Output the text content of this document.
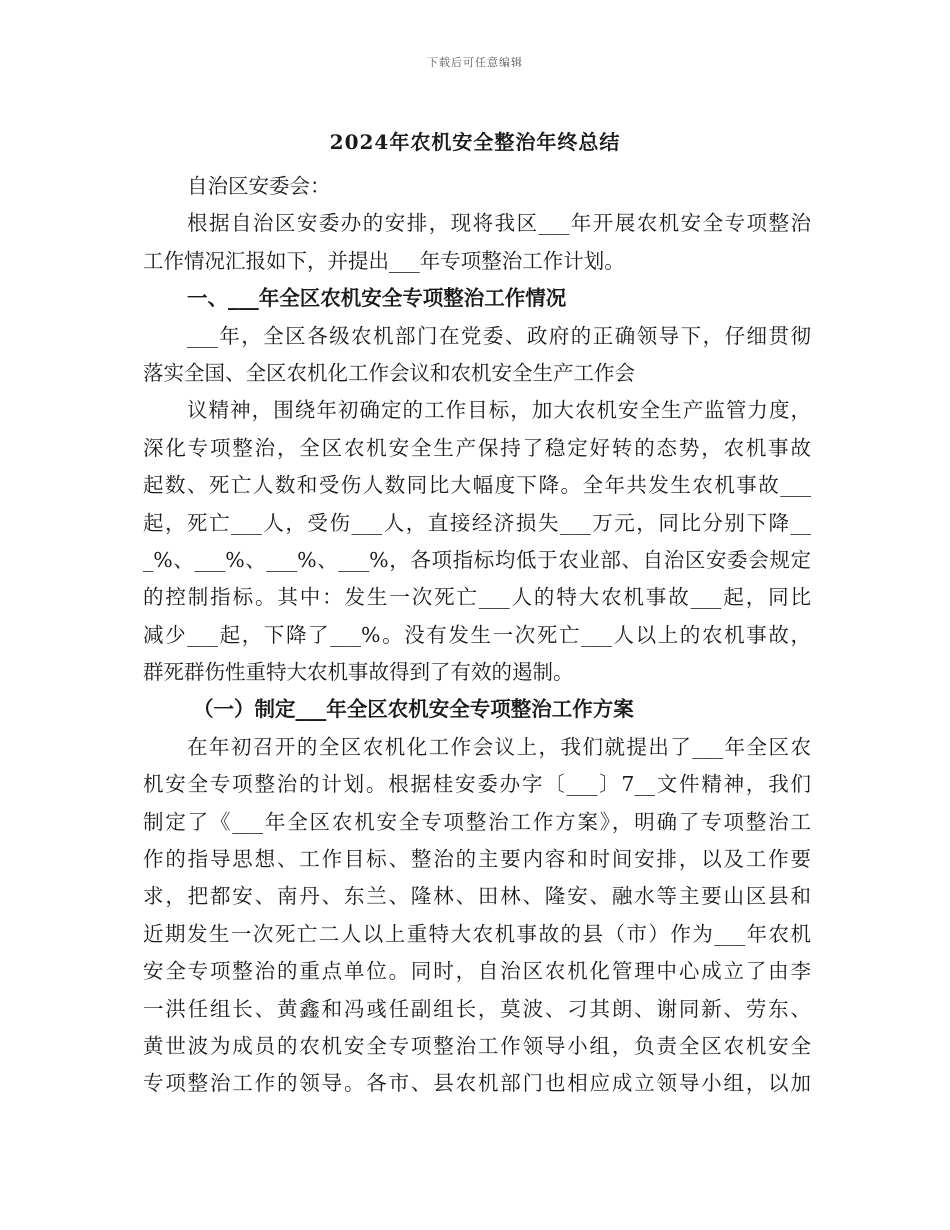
下载后可任意编辑
2024年农机安全整治年终总结
自治区安委会：
根据自治区安委办的安排，现将我区___年开展农机安全专项整治
工作情况汇报如下，并提出___年专项整治工作计划。
一、___年全区农机安全专项整治工作情况
___年，全区各级农机部门在党委、政府的正确领导下，仔细贯彻
落实全国、全区农机化工作会议和农机安全生产工作会
议精神，围绕年初确定的工作目标，加大农机安全生产监管力度，
深化专项整治，全区农机安全生产保持了稳定好转的态势，农机事故
起数、死亡人数和受伤人数同比大幅度下降。全年共发生农机事故___
起，死亡___人，受伤___人，直接经济损失___万元，同比分别下降__
_%、___%、___%、___%，各项指标均低于农业部、自治区安委会规定
的控制指标。其中：发生一次死亡___人的特大农机事故___起，同比
减少___起，下降了___%。没有发生一次死亡___人以上的农机事故，
群死群伤性重特大农机事故得到了有效的遏制。
（一）制定___年全区农机安全专项整治工作方案
在年初召开的全区农机化工作会议上，我们就提出了___年全区农
机安全专项整治的计划。根据桂安委办字〔___〕7__文件精神，我们
制定了《___年全区农机安全专项整治工作方案》，明确了专项整治工
作的指导思想、工作目标、整治的主要内容和时间安排，以及工作要
求，把都安、南丹、东兰、隆林、田林、隆安、融水等主要山区县和
近期发生一次死亡二人以上重特大农机事故的县（市）作为___年农机
安全专项整治的重点单位。同时，自治区农机化管理中心成立了由李
一洪任组长、黄鑫和冯彧任副组长，莫波、刁其朗、谢同新、劳东、
黄世波为成员的农机安全专项整治工作领导小组，负责全区农机安全
专项整治工作的领导。各市、县农机部门也相应成立领导小组，以加
